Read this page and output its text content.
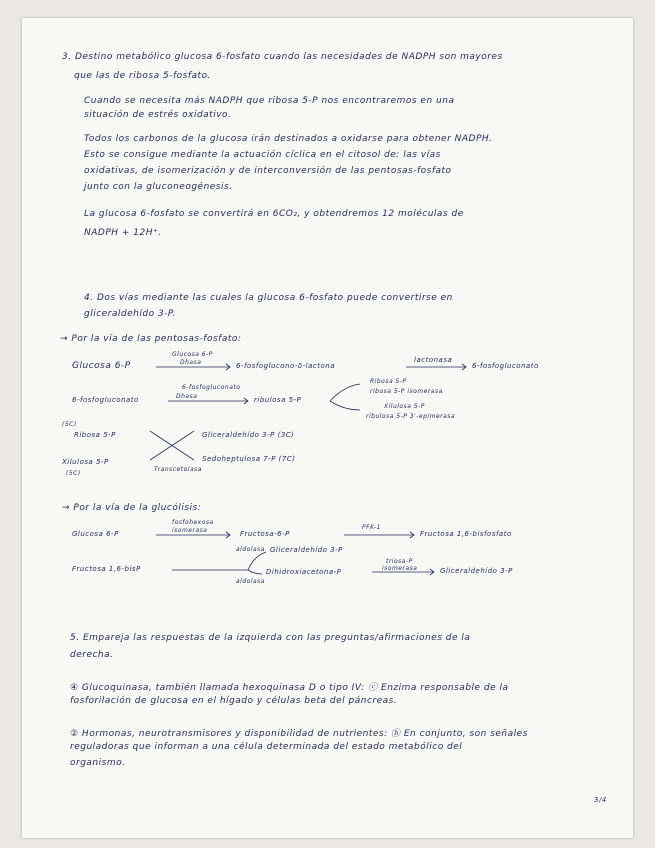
3. Destino metabólico glucosa 6-fosfato cuando las necesidades de NADPH son mayores
que las de ribosa 5-fosfato.
Cuando se necesita más NADPH que ribosa 5-P nos encontraremos en una
situación de estrés oxidativo.
Todos los carbonos de la glucosa irán destinados a oxidarse para obtener NADPH.
Esto se consigue mediante la actuación cíclica en el citosol de: las vías
oxidativas, de isomerización y de interconversión de las pentosas-fosfato
junto con la gluconeogénesis.
La glucosa 6-fosfato se convertirá en 6CO₂, y obtendremos 12 moléculas de
NADPH + 12H⁺.
4. Dos vías mediante las cuales la glucosa 6-fosfato puede convertirse en
gliceraldehído 3-P.
→ Por la vía de las pentosas-fosfato:
Glucosa 6-P
Glucosa 6-P
Dhasa	6-fosfoglucono-δ-lactona
lactonasa
6-fosfogluconato
6-fosfogluconato
6-fosfogluconato
Dhasa	ribulosa 5-P
Ribosa 5-P
ribosa 5-P isomerasa
Xilulosa 5-P
ribulosa 5-P 3'-epimerasa
(5C)
Ribosa 5-P
Xilulosa 5-P
(5C)
Gliceraldehído 3-P (3C)
Sedoheptulosa 7-P (7C)
Transcetolasa
→ Por la vía de la glucólisis:
Glucosa 6-P
fosfohexosa
isomerasa	Fructosa-6-P
PFK-1
Fructosa 1,6-bisfosfato
Fructosa 1,6-bisP
aldolasa
aldolasa
Gliceraldehído 3-P
Dihidroxiacetona-P
triosa-P
isomerasa	Gliceraldehído 3-P
5. Empareja las respuestas de la izquierda con las preguntas/afirmaciones de la
derecha.
④ Glucoquinasa, también llamada hexoquinasa D o tipo IV: ⓒ Enzima responsable de la
fosforilación de glucosa en el hígado y células beta del páncreas.
② Hormonas, neurotransmisores y disponibilidad de nutrientes: ⓑ En conjunto, son señales
reguladoras que informan a una célula determinada del estado metabólico del
organismo.
3/4
